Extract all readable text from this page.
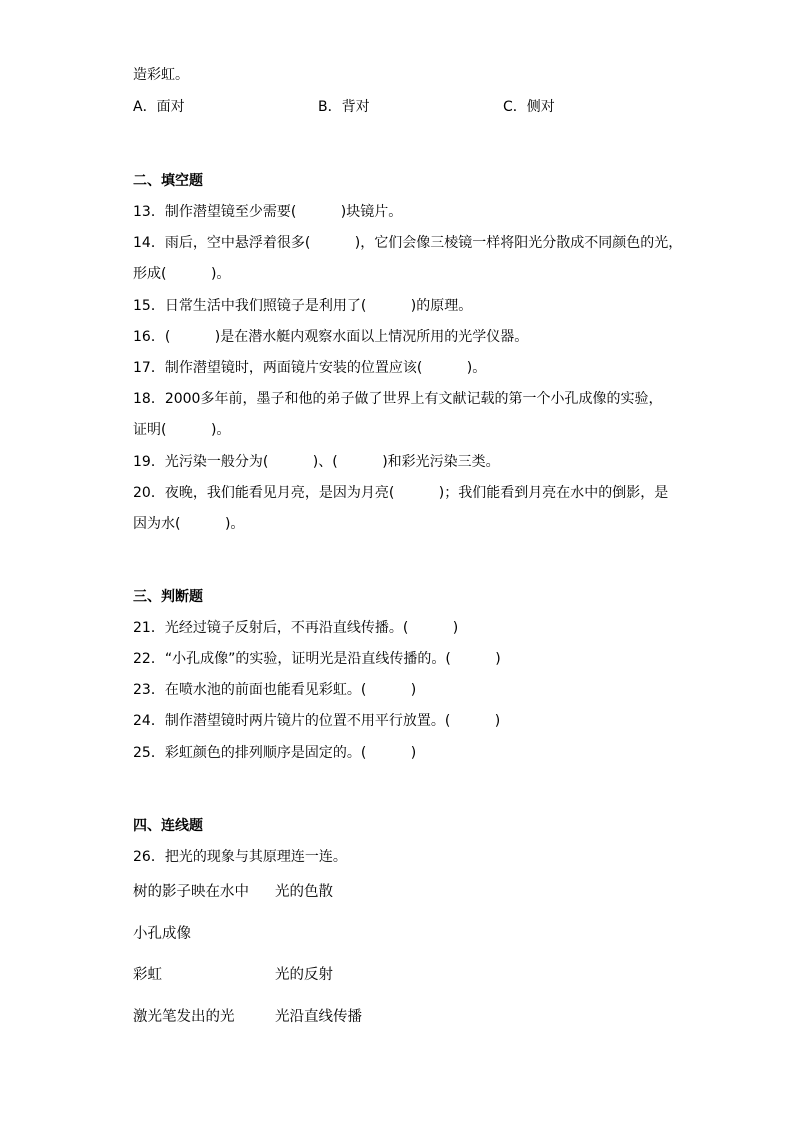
造彩虹。
A．面对	B．背对	C．侧对
二、填空题
13．制作潜望镜至少需要(          )块镜片。
14．雨后，空中悬浮着很多(          )，它们会像三棱镜一样将阳光分散成不同颜色的光，
形成(          )。
15．日常生活中我们照镜子是利用了(          )的原理。
16．(          )是在潜水艇内观察水面以上情况所用的光学仪器。
17．制作潜望镜时，两面镜片安装的位置应该(          )。
18．2000多年前，墨子和他的弟子做了世界上有文献记载的第一个小孔成像的实验，
证明(          )。
19．光污染一般分为(          )、(          )和彩光污染三类。
20．夜晚，我们能看见月亮，是因为月亮(          )；我们能看到月亮在水中的倒影，是
因为水(          )。
三、判断题
21．光经过镜子反射后，不再沿直线传播。(          )
22．“小孔成像”的实验，证明光是沿直线传播的。(          )
23．在喷水池的前面也能看见彩虹。(          )
24．制作潜望镜时两片镜片的位置不用平行放置。(          )
25．彩虹颜色的排列顺序是固定的。(          )
四、连线题
26．把光的现象与其原理连一连。
树的影子映在水中 光的色散
小孔成像
彩虹	光的反射
激光笔发出的光	光沿直线传播
